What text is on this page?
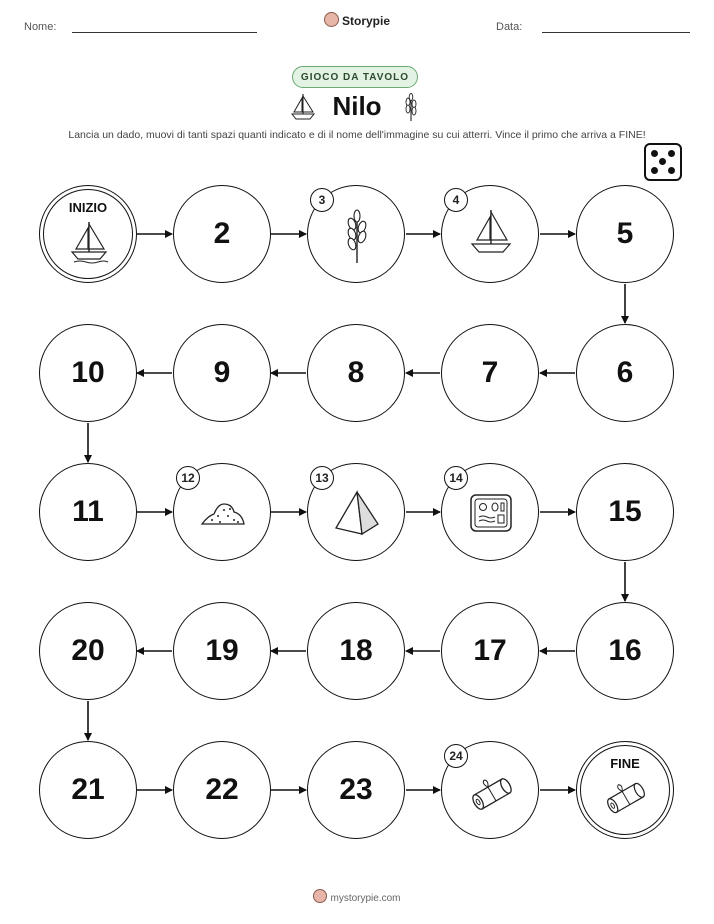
Nome:	Storypie	Data:
GIOCO DA TAVOLO
Nilo
Lancia un dado, muovi di tanti spazi quanti indicato e di il nome dell'immagine su cui atterri. Vince il primo che arriva a FINE!
INIZIO
2
3	4
5
10	9	8	7	6
11
12	13	14
15
20	19	18	17	16
21	22	23
24	FINE
mystorypie.com
